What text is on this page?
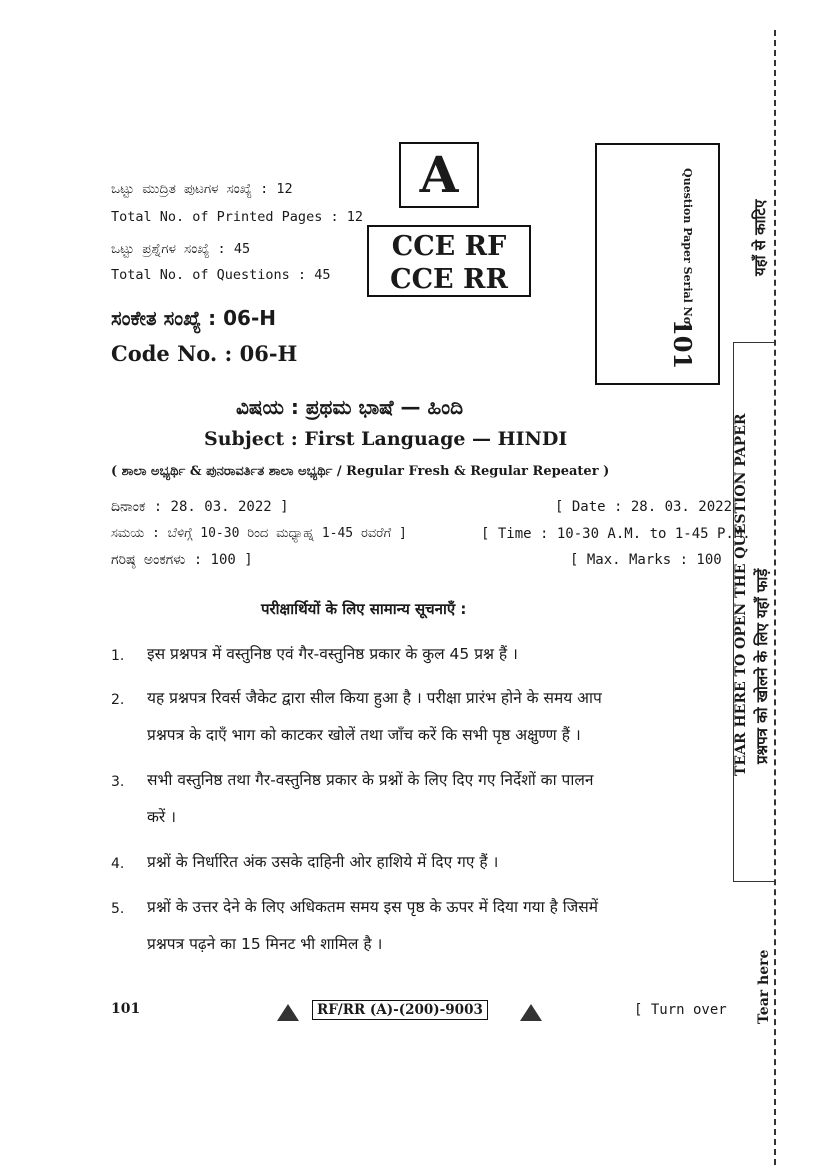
ಒಟ್ಟು ಮುದ್ರಿತ ಪುಟಗಳ ಸಂಖ್ಯೆ : 12
Total No. of Printed Pages : 12
ಒಟ್ಟು ಪ್ರಶ್ನೆಗಳ ಸಂಖ್ಯೆ : 45
Total No. of Questions : 45
A
CCE RF
CCE RR	Question Paper Serial No.
101
ಸಂಕೇತ ಸಂಖ್ಯೆ : 06-H
Code No. : 06-H
ವಿಷಯ : ಪ್ರಥಮ ಭಾಷೆ — ಹಿಂದಿ
Subject : First Language — HINDI
( ಶಾಲಾ ಅಭ್ಯರ್ಥಿ & ಪುನರಾವರ್ತಿತ ಶಾಲಾ ಅಭ್ಯರ್ಥಿ / Regular Fresh & Regular Repeater )
ದಿನಾಂಕ : 28. 03. 2022 ]	[ Date : 28. 03. 2022
ಸಮಯ : ಬೆಳಿಗ್ಗೆ 10-30 ರಿಂದ ಮಧ್ಯಾಹ್ನ 1-45 ರವರೆಗೆ ]	[ Time : 10-30 A.M. to 1-45 P.M.
ಗರಿಷ್ಠ ಅಂಕಗಳು : 100 ]	[ Max. Marks : 100
परीक्षार्थियों के लिए सामान्य सूचनाएँ :
1. इस प्रश्नपत्र में वस्तुनिष्ठ एवं गैर-वस्तुनिष्ठ प्रकार के कुल 45 प्रश्न हैं ।
2. यह प्रश्नपत्र रिवर्स जैकेट द्वारा सील किया हुआ है । परीक्षा प्रारंभ होने के समय आप
प्रश्नपत्र के दाएँ भाग को काटकर खोलें तथा जाँच करें कि सभी पृष्ठ अक्षुण्ण हैं ।
3. सभी वस्तुनिष्ठ तथा गैर-वस्तुनिष्ठ प्रकार के प्रश्नों के लिए दिए गए निर्देशों का पालन
करें ।
4. प्रश्नों के निर्धारित अंक उसके दाहिनी ओर हाशिये में दिए गए हैं ।
5. प्रश्नों के उत्तर देने के लिए अधिकतम समय इस पृष्ठ के ऊपर में दिया गया है जिसमें
प्रश्नपत्र पढ़ने का 15 मिनट भी शामिल है ।
101	RF/RR (A)-(200)-9003	[ Turn over
यहाँ से काटिए
TEAR HERE TO OPEN THE QUESTION PAPER प्रश्नपत्र को खोलने के लिए यहाँ फाड़ें
Tear here
